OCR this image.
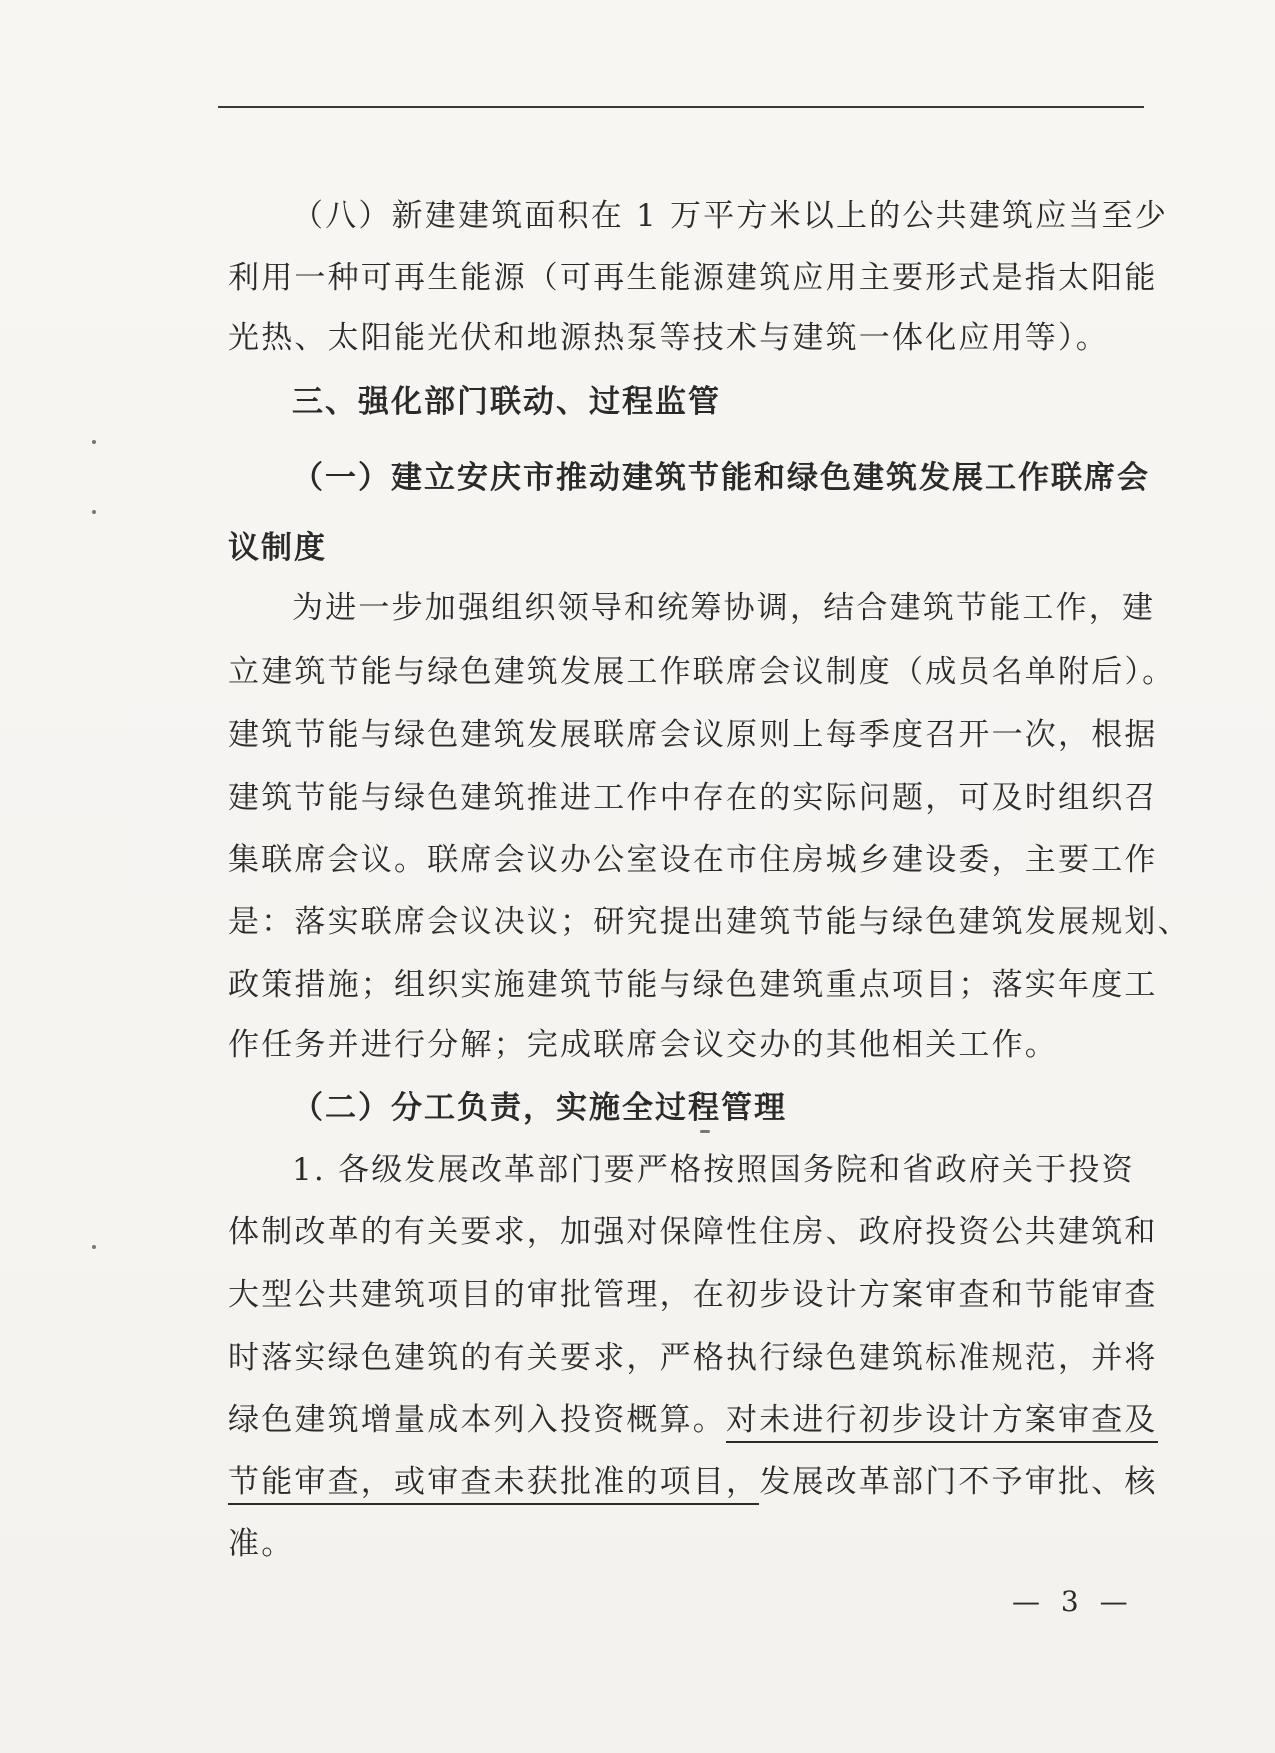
（八）新建建筑面积在 1 万平方米以上的公共建筑应当至少
利用一种可再生能源（可再生能源建筑应用主要形式是指太阳能
光热、太阳能光伏和地源热泵等技术与建筑一体化应用等）。
三、强化部门联动、过程监管
（一）建立安庆市推动建筑节能和绿色建筑发展工作联席会
议制度
为进一步加强组织领导和统筹协调，结合建筑节能工作，建
立建筑节能与绿色建筑发展工作联席会议制度（成员名单附后）。
建筑节能与绿色建筑发展联席会议原则上每季度召开一次，根据
建筑节能与绿色建筑推进工作中存在的实际问题，可及时组织召
集联席会议。联席会议办公室设在市住房城乡建设委，主要工作
是：落实联席会议决议；研究提出建筑节能与绿色建筑发展规划、
政策措施；组织实施建筑节能与绿色建筑重点项目；落实年度工
作任务并进行分解；完成联席会议交办的其他相关工作。
（二）分工负责，实施全过程管理
1. 各级发展改革部门要严格按照国务院和省政府关于投资
体制改革的有关要求，加强对保障性住房、政府投资公共建筑和
大型公共建筑项目的审批管理，在初步设计方案审查和节能审查
时落实绿色建筑的有关要求，严格执行绿色建筑标准规范，并将
绿色建筑增量成本列入投资概算。对未进行初步设计方案审查及
节能审查，或审查未获批准的项目，发展改革部门不予审批、核
准。
— 3 —
